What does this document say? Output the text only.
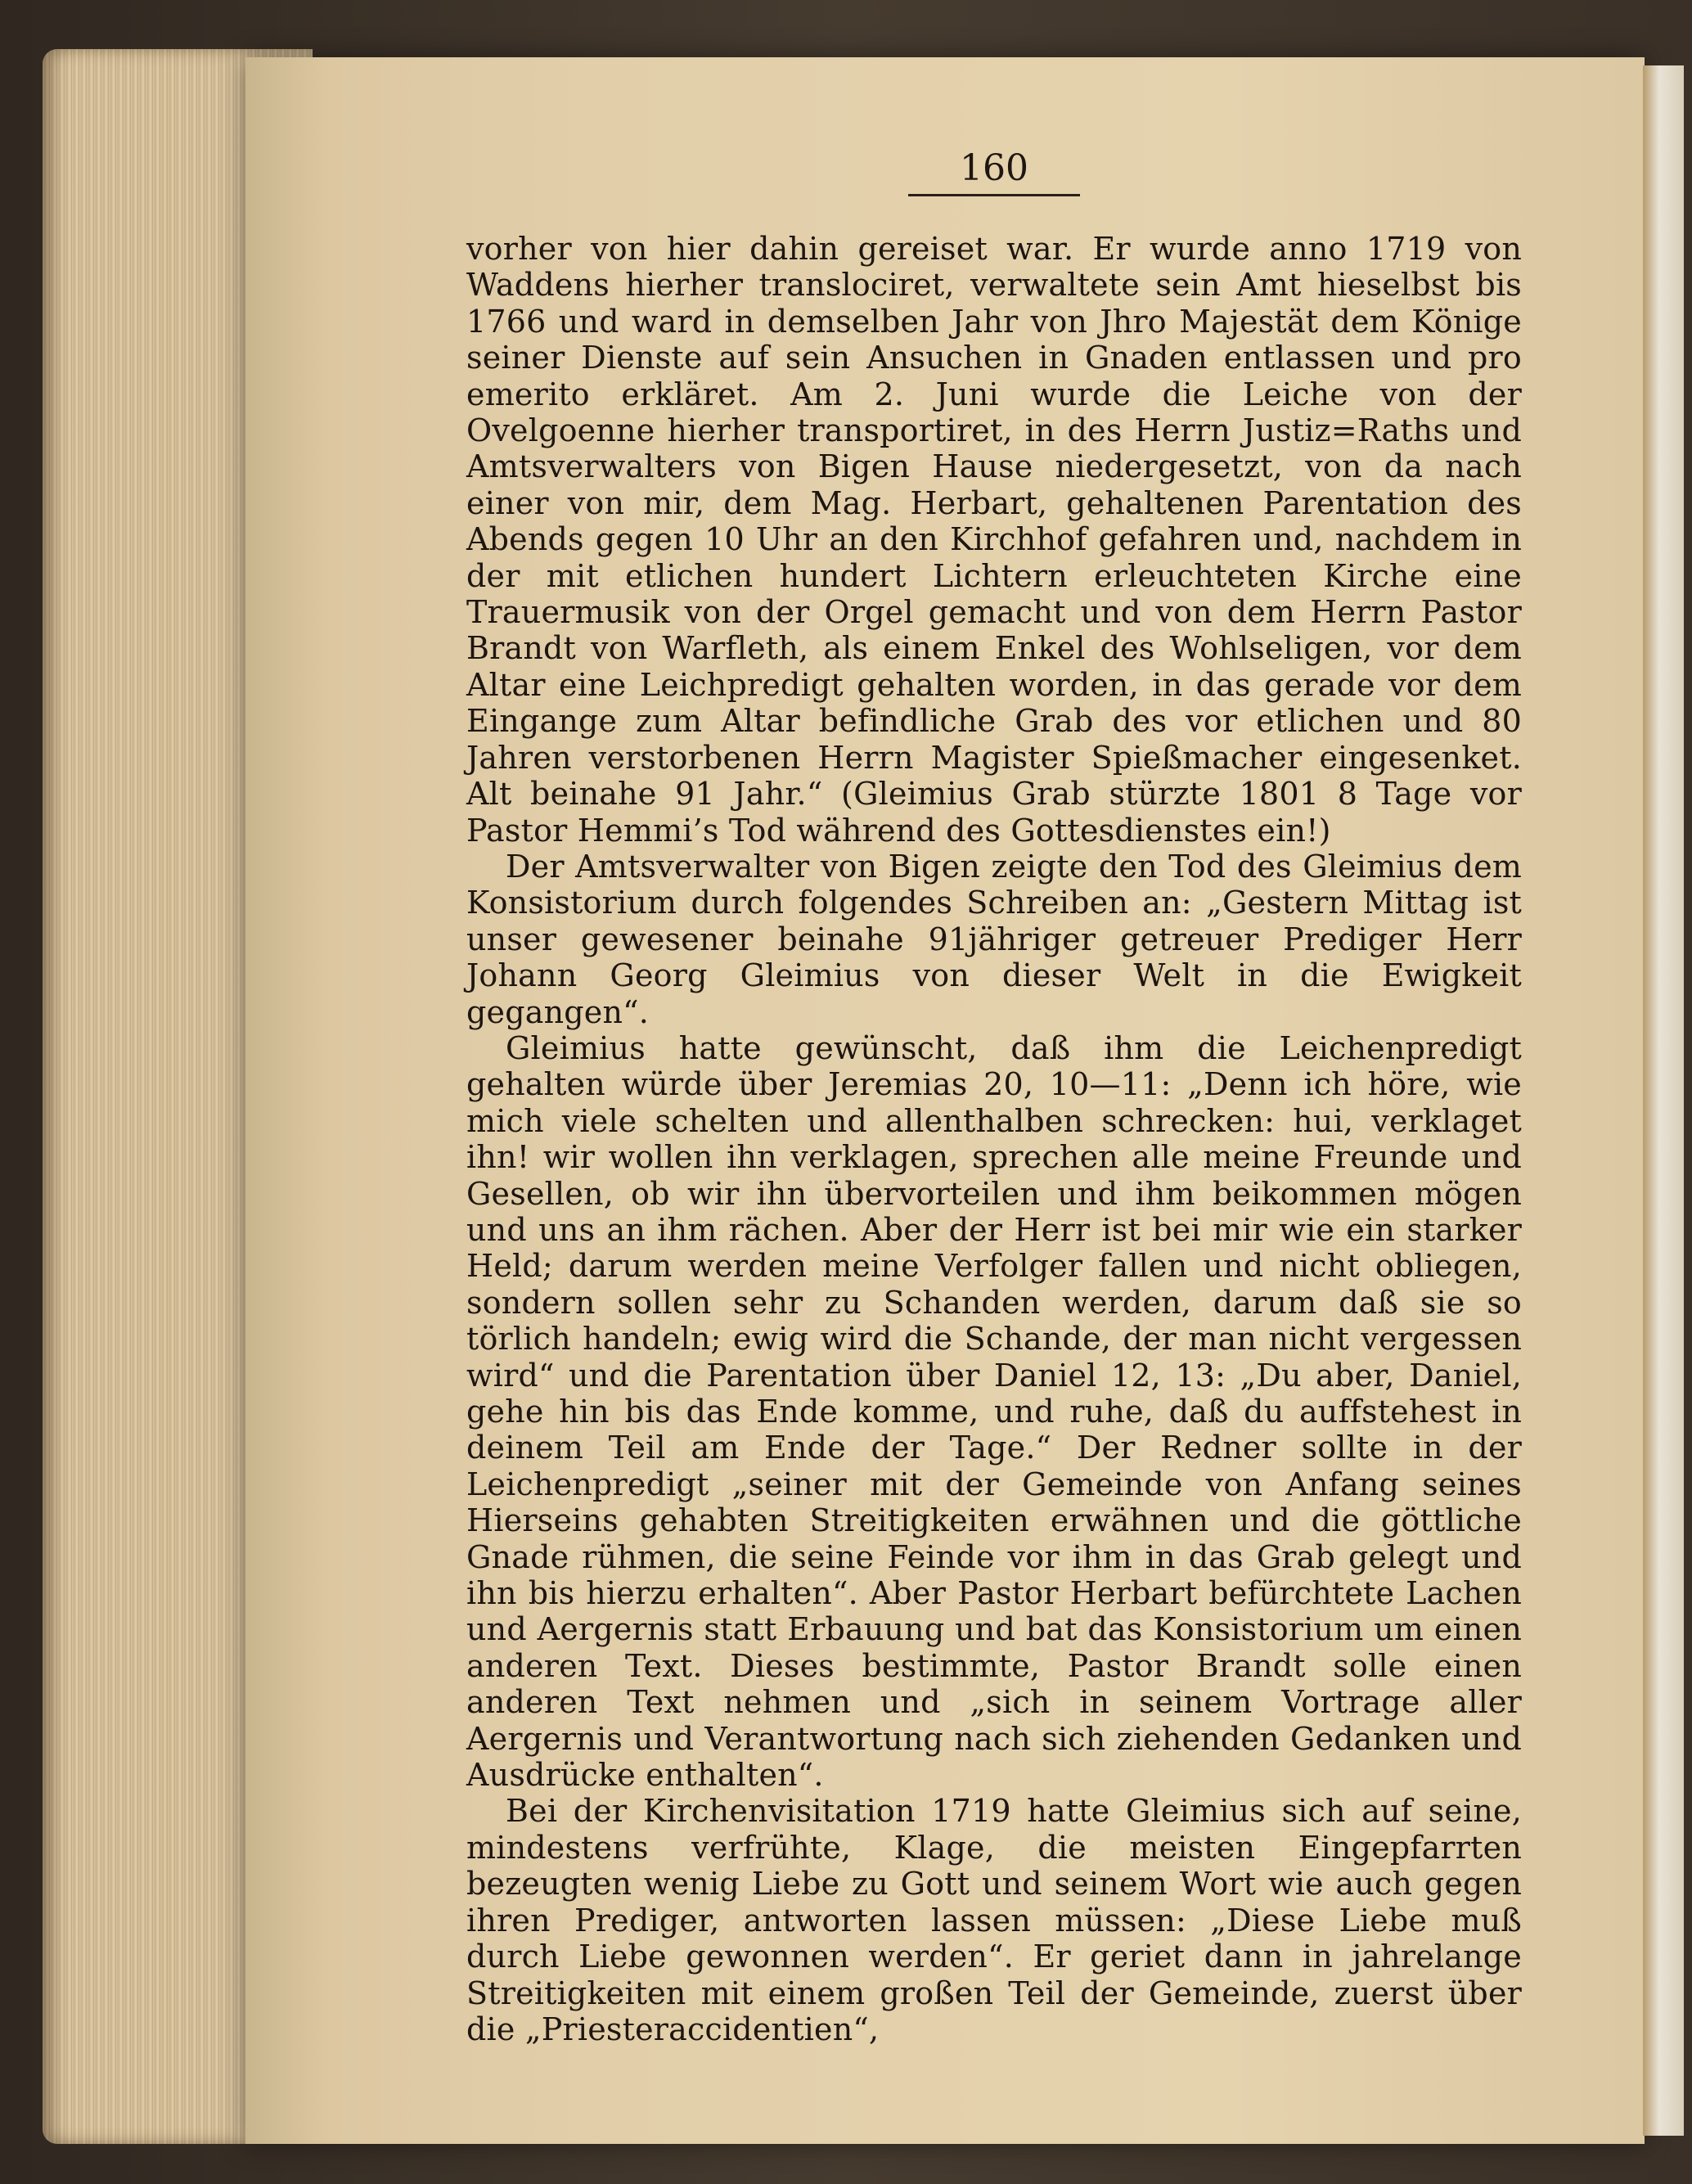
160

vorher von hier dahin gereiset war. Er wurde anno 1719 von Waddens hierher translociret, verwaltete sein Amt hieselbst bis 1766 und ward in demselben Jahr von Jhro Majestät dem Könige seiner Dienste auf sein Ansuchen in Gnaden entlassen und pro emerito erkläret. Am 2. Juni wurde die Leiche von der Ovelgoenne hierher transportiret, in des Herrn Justiz=Raths und Amtsverwalters von Bigen Hause niedergesetzt, von da nach einer von mir, dem Mag. Herbart, gehaltenen Parentation des Abends gegen 10 Uhr an den Kirchhof gefahren und, nachdem in der mit etlichen hundert Lichtern erleuchteten Kirche eine Trauermusik von der Orgel gemacht und von dem Herrn Pastor Brandt von Warfleth, als einem Enkel des Wohlseligen, vor dem Altar eine Leichpredigt gehalten worden, in das gerade vor dem Eingange zum Altar befindliche Grab des vor etlichen und 80 Jahren verstorbenen Herrn Magister Spießmacher eingesenket. Alt beinahe 91 Jahr.“ (Gleimius Grab stürzte 1801 8 Tage vor Pastor Hemmi’s Tod während des Gottesdienstes ein!)

Der Amtsverwalter von Bigen zeigte den Tod des Gleimius dem Konsistorium durch folgendes Schreiben an: „Gestern Mittag ist unser gewesener beinahe 91jähriger getreuer Prediger Herr Johann Georg Gleimius von dieser Welt in die Ewigkeit gegangen“.

Gleimius hatte gewünscht, daß ihm die Leichenpredigt gehalten würde über Jeremias 20, 10—11: „Denn ich höre, wie mich viele schelten und allenthalben schrecken: hui, verklaget ihn! wir wollen ihn verklagen, sprechen alle meine Freunde und Gesellen, ob wir ihn übervorteilen und ihm beikommen mögen und uns an ihm rächen. Aber der Herr ist bei mir wie ein starker Held; darum werden meine Verfolger fallen und nicht obliegen, sondern sollen sehr zu Schanden werden, darum daß sie so törlich handeln; ewig wird die Schande, der man nicht vergessen wird“ und die Parentation über Daniel 12, 13: „Du aber, Daniel, gehe hin bis das Ende komme, und ruhe, daß du auffstehest in deinem Teil am Ende der Tage.“ Der Redner sollte in der Leichenpredigt „seiner mit der Gemeinde von Anfang seines Hierseins gehabten Streitigkeiten erwähnen und die göttliche Gnade rühmen, die seine Feinde vor ihm in das Grab gelegt und ihn bis hierzu erhalten“. Aber Pastor Herbart befürchtete Lachen und Aergernis statt Erbauung und bat das Konsistorium um einen anderen Text. Dieses bestimmte, Pastor Brandt solle einen anderen Text nehmen und „sich in seinem Vortrage aller Aergernis und Verantwortung nach sich ziehenden Gedanken und Ausdrücke enthalten“.

Bei der Kirchenvisitation 1719 hatte Gleimius sich auf seine, mindestens verfrühte, Klage, die meisten Eingepfarrten bezeugten wenig Liebe zu Gott und seinem Wort wie auch gegen ihren Prediger, antworten lassen müssen: „Diese Liebe muß durch Liebe gewonnen werden“. Er geriet dann in jahrelange Streitigkeiten mit einem großen Teil der Gemeinde, zuerst über die „Priesteraccidentien“,
